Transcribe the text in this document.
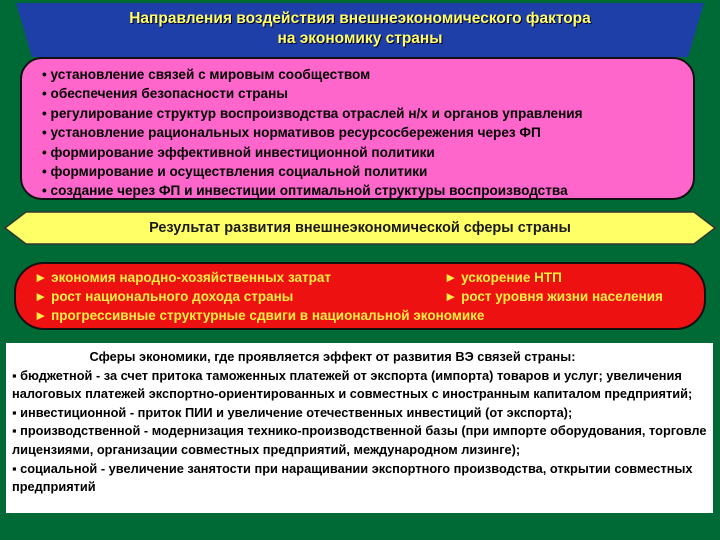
Направления воздействия внешнеэкономического фактора
на экономику страны
• установление связей с мировым сообществом
• обеспечения безопасности страны
• регулирование структур воспроизводства отраслей н/х и органов управления
• установление рациональных нормативов ресурсосбережения через ФП
• формирование эффективной инвестиционной политики
• формирование и осуществления социальной политики
• создание через ФП и инвестиции оптимальной структуры воспроизводства
Результат развития внешнеэкономической сферы страны
► экономия народно-хозяйственных затрат	► ускорение НТП
► рост национального дохода страны	► рост уровня жизни населения
► прогрессивные структурные сдвиги в национальной экономике
Сферы экономики, где проявляется эффект от развития ВЭ связей страны:

▪ бюджетной - за счет притока таможенных платежей от экспорта (импорта) товаров и услуг; увеличения налоговых платежей экспортно-ориентированных и совместных с иностранным капиталом предприятий;

▪ инвестиционной - приток ПИИ и увеличение отечественных инвестиций (от экспорта);

▪ производственной - модернизация технико-производственной базы (при импорте оборудования, торговле лицензиями, организации совместных предприятий, международном лизинге);

▪ социальной - увеличение занятости при наращивании экспортного производства, открытии совместных предприятий
